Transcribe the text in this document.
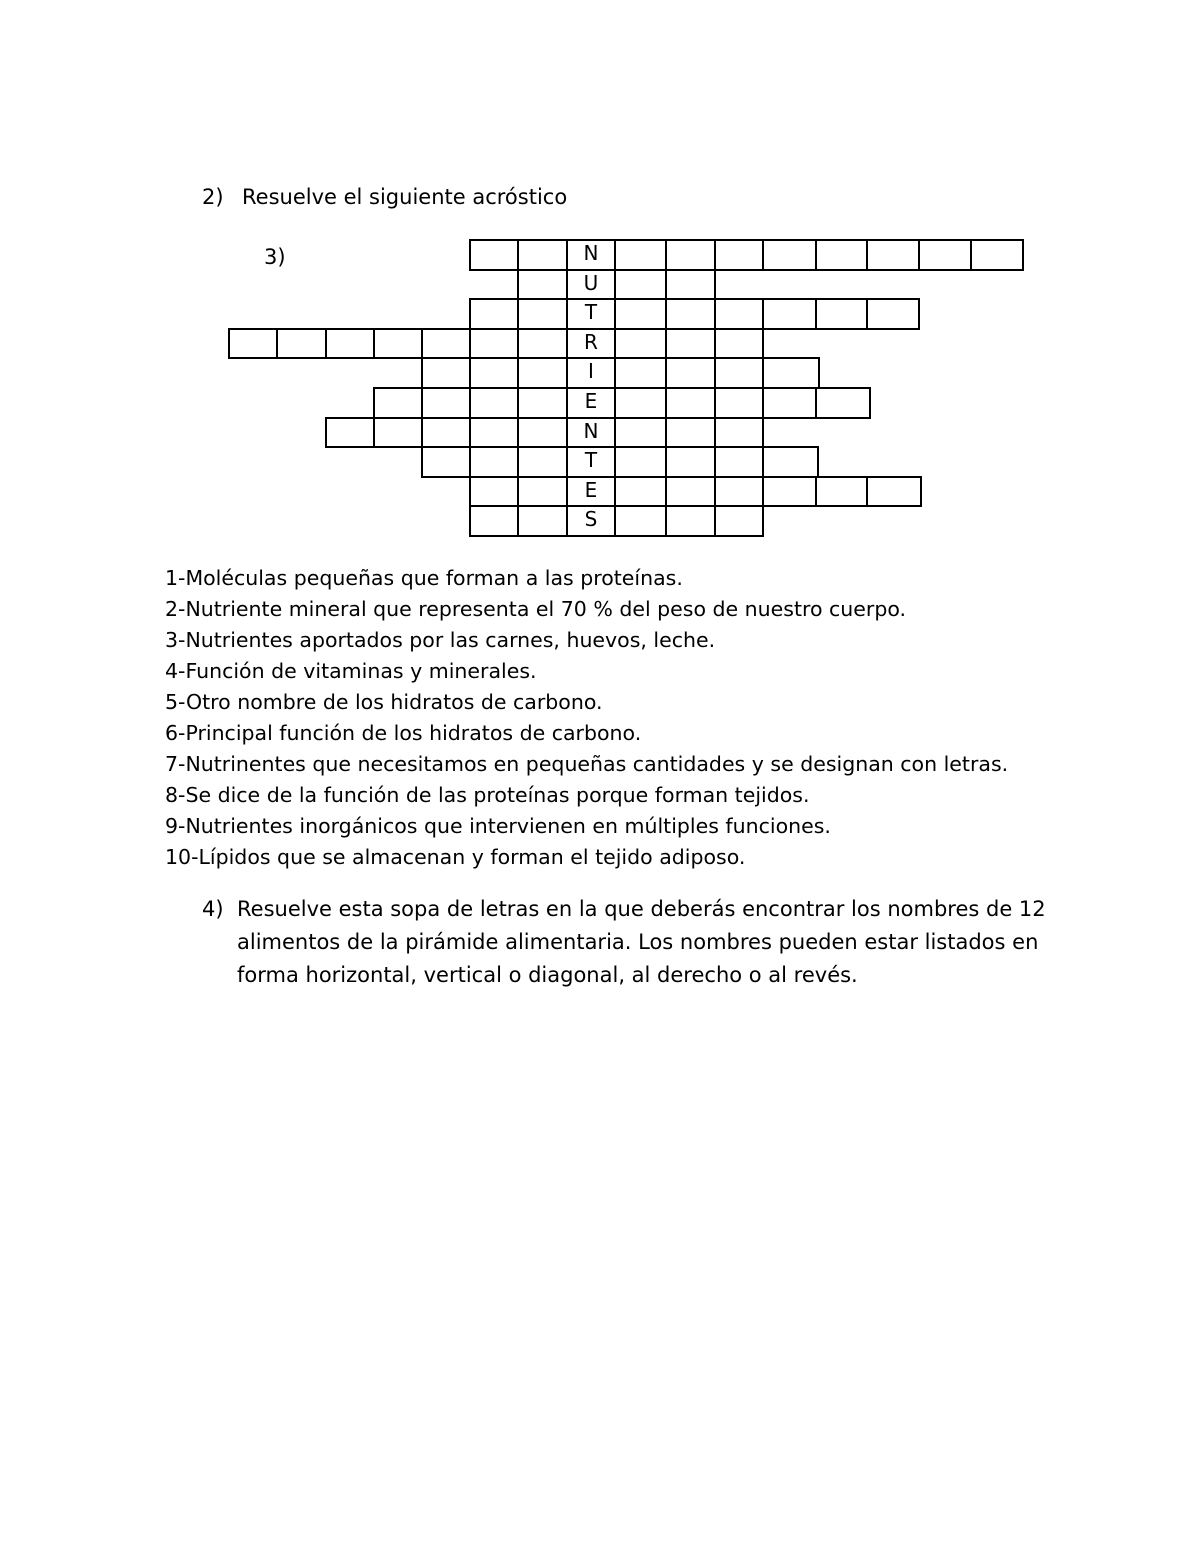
2) Resuelve el siguiente acróstico
3)	N
U
T
R
I
E
N
T
E
S
1-Moléculas pequeñas que forman a las proteínas.
2-Nutriente mineral que representa el 70 % del peso de nuestro cuerpo.
3-Nutrientes aportados por las carnes, huevos, leche.
4-Función de vitaminas y minerales.
5-Otro nombre de los hidratos de carbono.
6-Principal función de los hidratos de carbono.
7-Nutrinentes que necesitamos en pequeñas cantidades y se designan con letras.
8-Se dice de la función de las proteínas porque forman tejidos.
9-Nutrientes inorgánicos que intervienen en múltiples funciones.
10-Lípidos que se almacenan y forman el tejido adiposo.
4) Resuelve esta sopa de letras en la que deberás encontrar los nombres de 12 alimentos de la pirámide alimentaria. Los nombres pueden estar listados en forma horizontal, vertical o diagonal, al derecho o al revés.
